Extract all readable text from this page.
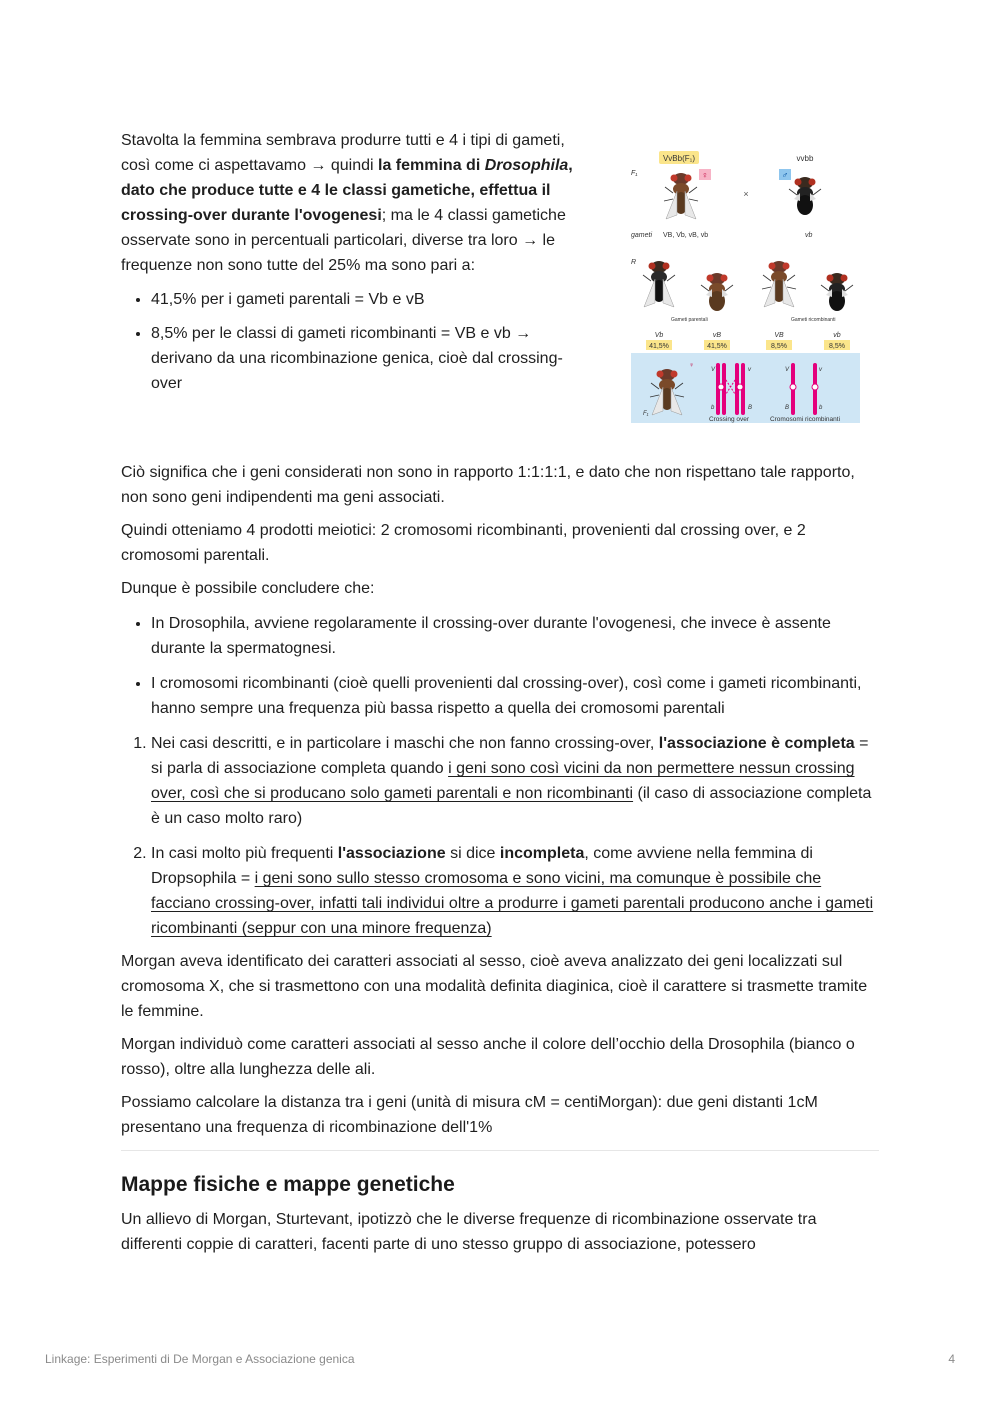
Stavolta la femmina sembrava produrre tutti e 4 i tipi di gameti, così come ci aspettavamo → quindi la femmina di Drosophila, dato che produce tutte e 4 le classi gametiche, effettua il crossing-over durante l'ovogenesi; ma le 4 classi gametiche osservate sono in percentuali particolari, diverse tra loro → le frequenze non sono tutte del 25% ma sono pari a:

• 41,5% per i gameti parentali = Vb e vB
• 8,5% per le classi di gameti ricombinanti = VB e vb → derivano da una ricombinazione genica, cioè dal crossing-over
VvBb(F₁)	vvbb
F₁	♀
×
♂
gameti VB, Vb, vB, vb	vb
R
Gameti parentali	Gameti ricombinanti
Vb	vB	VB	vb
41,5%	41,5%	8,5%	8,5%
♀
F₁
V	v
b	B
Crossing over
V	v
B	b
Cromosomi ricombinanti

Ciò significa che i geni considerati non sono in rapporto 1:1:1:1, e dato che non rispettano tale rapporto, non sono geni indipendenti ma geni associati.

Quindi otteniamo 4 prodotti meiotici: 2 cromosomi ricombinanti, provenienti dal crossing over, e 2 cromosomi parentali.

Dunque è possibile concludere che:

• In Drosophila, avviene regolaramente il crossing-over durante l'ovogenesi, che invece è assente durante la spermatognesi.
• I cromosomi ricombinanti (cioè quelli provenienti dal crossing-over), così come i gameti ricombinanti, hanno sempre una frequenza più bassa rispetto a quella dei cromosomi parentali
1. Nei casi descritti, e in particolare i maschi che non fanno crossing-over, l'associazione è completa = si parla di associazione completa quando i geni sono così vicini da non permettere nessun crossing over, così che si producano solo gameti parentali e non ricombinanti (il caso di associazione completa è un caso molto raro)
2. In casi molto più frequenti l'associazione si dice incompleta, come avviene nella femmina di Dropsophila = i geni sono sullo stesso cromosoma e sono vicini, ma comunque è possibile che facciano crossing-over, infatti tali individui oltre a produrre i gameti parentali producono anche i gameti ricombinanti (seppur con una minore frequenza)

Morgan aveva identificato dei caratteri associati al sesso, cioè aveva analizzato dei geni localizzati sul cromosoma X, che si trasmettono con una modalità definita diaginica, cioè il carattere si trasmette tramite le femmine.

Morgan individuò come caratteri associati al sesso anche il colore dell’occhio della Drosophila (bianco o rosso), oltre alla lunghezza delle ali.

Possiamo calcolare la distanza tra i geni (unità di misura cM = centiMorgan): due geni distanti 1cM presentano una frequenza di ricombinazione dell'1%

Mappe fisiche e mappe genetiche

Un allievo di Morgan, Sturtevant, ipotizzò che le diverse frequenze di ricombinazione osservate tra differenti coppie di caratteri, facenti parte di uno stesso gruppo di associazione, potessero

Linkage: Esperimenti di De Morgan e Associazione genica	4
